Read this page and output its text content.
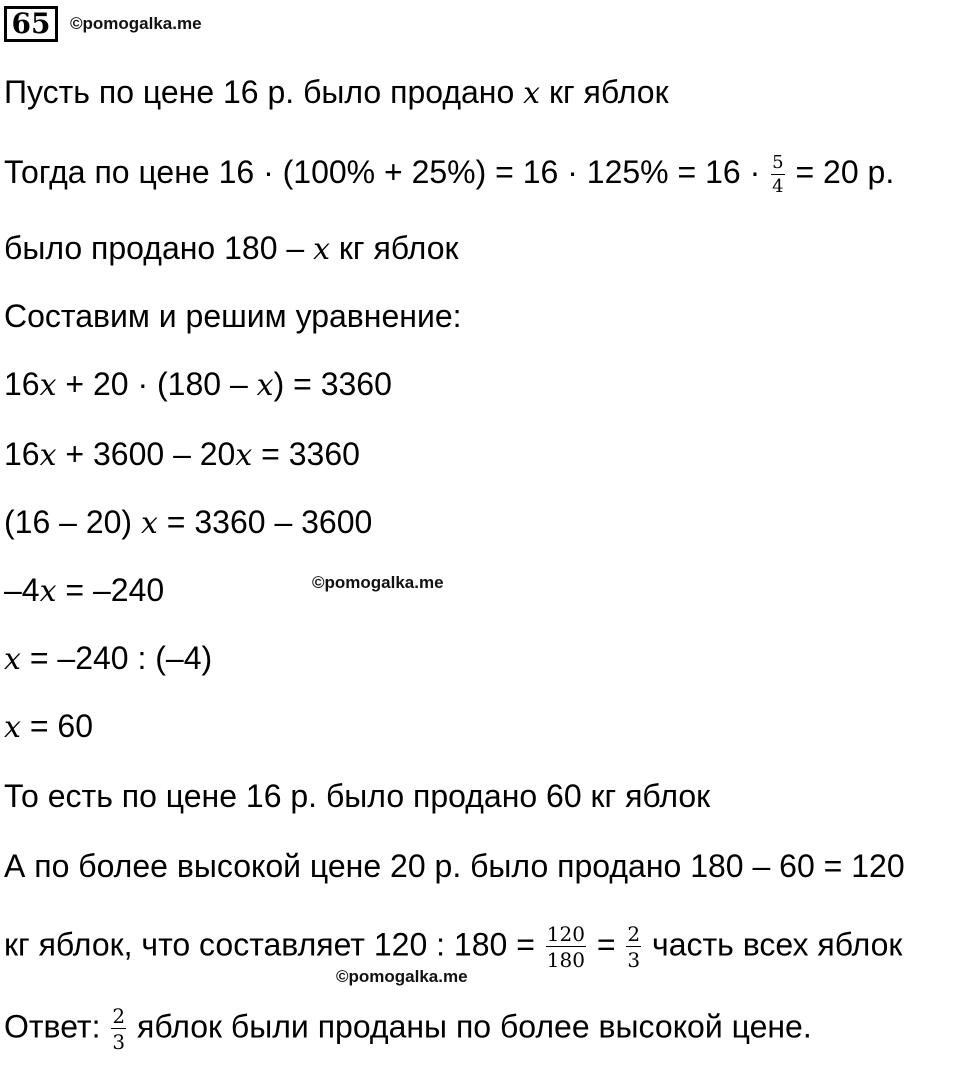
65	©pomogalka.me
Пусть по цене 16 р. было продано x кг яблок
Тогда по цене $16 \cdot (100\% + 25\%) = 16 \cdot 125\% = 16 \cdot \frac{5}{4} = 20$ р.
было продано 180 – x кг яблок
Составим и решим уравнение:
16x + 20 · (180 – x) = 3360
16x + 3600 – 20x = 3360
(16 – 20) x = 3360 – 3600
–4x = –240	©pomogalka.me
x = –240 : (–4)
x = 60
То есть по цене 16 р. было продано 60 кг яблок
А по более высокой цене 20 р. было продано 180 – 60 = 120
кг яблок, что составляет 120 : $180 = \frac{120}{180} = \frac{2}{3}$ часть всех яблок
©pomogalka.me
Ответ: $\frac{2}{3}$ яблок были проданы по более высокой цене.
